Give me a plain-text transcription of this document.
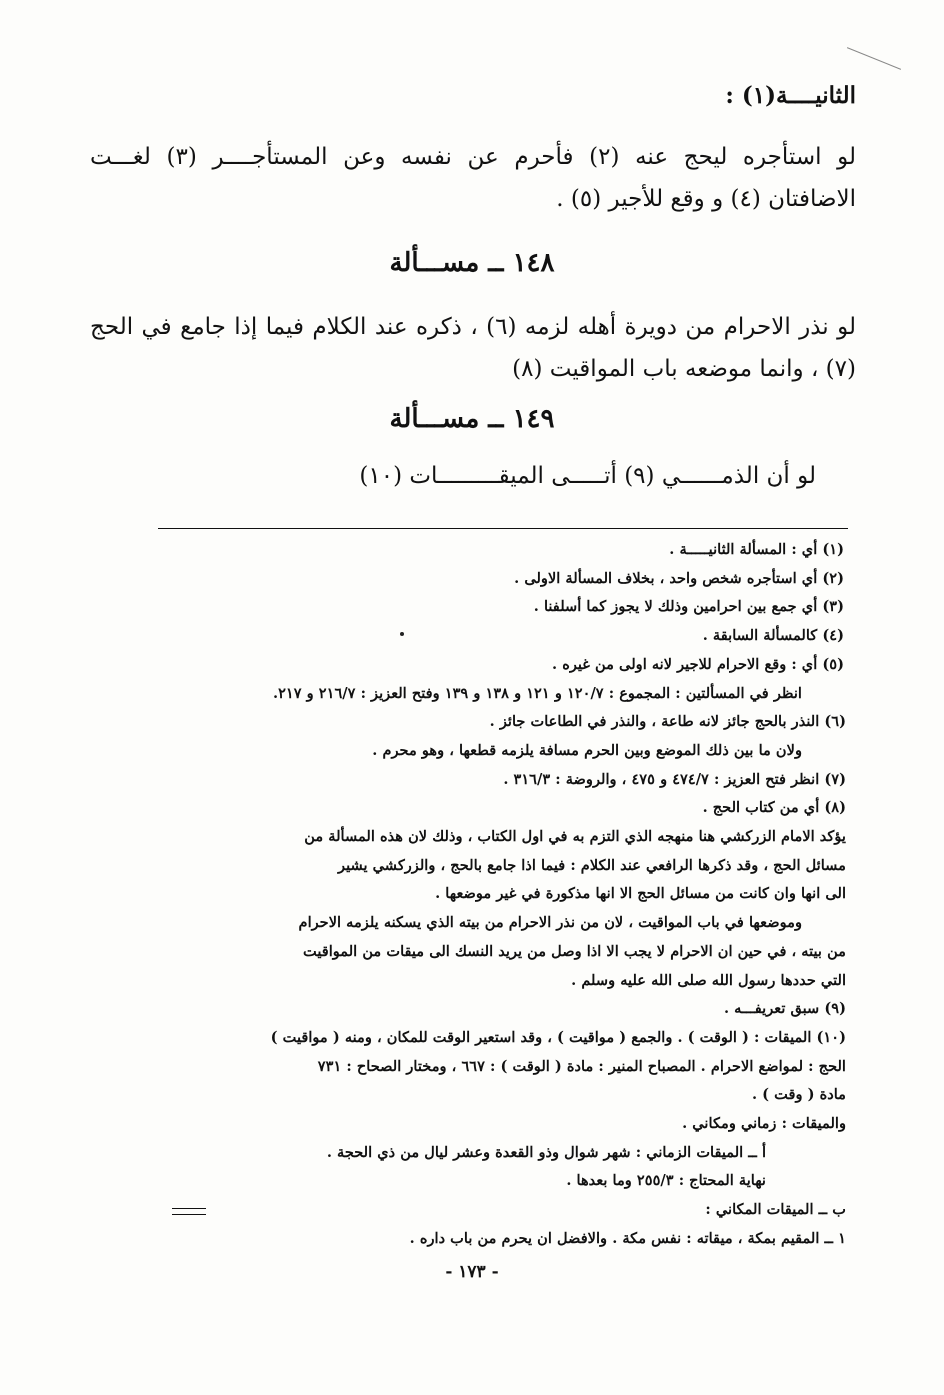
الثانيــــة(١) :
لو استأجره ليحج عنه (٢) فأحرم عن نفسه وعن المستأجــــر (٣) لغـــت الاضافتان (٤) و وقع للأجير (٥) .
١٤٨ ــ مســـألة
لو نذر الاحرام من دويرة أهله لزمه (٦) ، ذكره عند الكلام فيما إذا جامع في الحج (٧) ، وانما موضعه باب المواقيت (٨)
١٤٩ ــ مســـألة
لو أن الذمــــــي (٩) أتـــــى الميقـــــــــات (١٠)
(١) أي : المسألة الثانيـــــة .
(٢) أي استأجره شخص واحد ، بخلاف المسألة الاولى .
(٣) أي جمع بين احرامين وذلك لا يجوز كما أسلفنا .
(٤) كالمسألة السابقة .
(٥) أي : وقع الاحرام للاجير لانه اولى من غيره .
انظر في المسألتين : المجموع : ١٢٠/٧ و ١٢١ و ١٣٨ و ١٣٩ وفتح العزيز : ٢١٦/٧ و ٢١٧.
(٦) النذر بالحج جائز لانه طاعة ، والنذر في الطاعات جائز .
ولان ما بين ذلك الموضع وبين الحرم مسافة يلزمه قطعها ، وهو محرم .
(٧) انظر فتح العزيز : ٤٧٤/٧ و ٤٧٥ ، والروضة : ٣١٦/٣ .
(٨) أي من كتاب الحج .
يؤكد الامام الزركشي هنا منهجه الذي التزم به في اول الكتاب ، وذلك لان هذه المسألة من
مسائل الحج ، وقد ذكرها الرافعي عند الكلام : فيما اذا جامع بالحج ، والزركشي يشير
الى انها وان كانت من مسائل الحج الا انها مذكورة في غير موضعها .
وموضعها في باب المواقيت ، لان من نذر الاحرام من بيته الذي يسكنه يلزمه الاحرام
من بيته ، في حين ان الاحرام لا يجب الا اذا وصل من يريد النسك الى ميقات من المواقيت
التي حددها رسول الله صلى الله عليه وسلم .
(٩) سبق تعريفـــه .
(١٠) الميقات : ( الوقت ) . والجمع ( مواقيت ) ، وقد استعير الوقت للمكان ، ومنه ( مواقيت )
الحج : لمواضع الاحرام . المصباح المنير : مادة ( الوقت ) : ٦٦٧ ، ومختار الصحاح : ٧٣١
مادة ( وقت ) .
والميقات : زماني ومكاني .
أ ــ الميقات الزماني : شهر شوال وذو القعدة وعشر ليال من ذي الحجة .
نهاية المحتاج : ٢٥٥/٣ وما بعدها .
ب ــ الميقات المكاني :
١ ــ المقيم بمكة ، ميقاته : نفس مكة . والافضل ان يحرم من باب داره .
- ١٧٣ -
